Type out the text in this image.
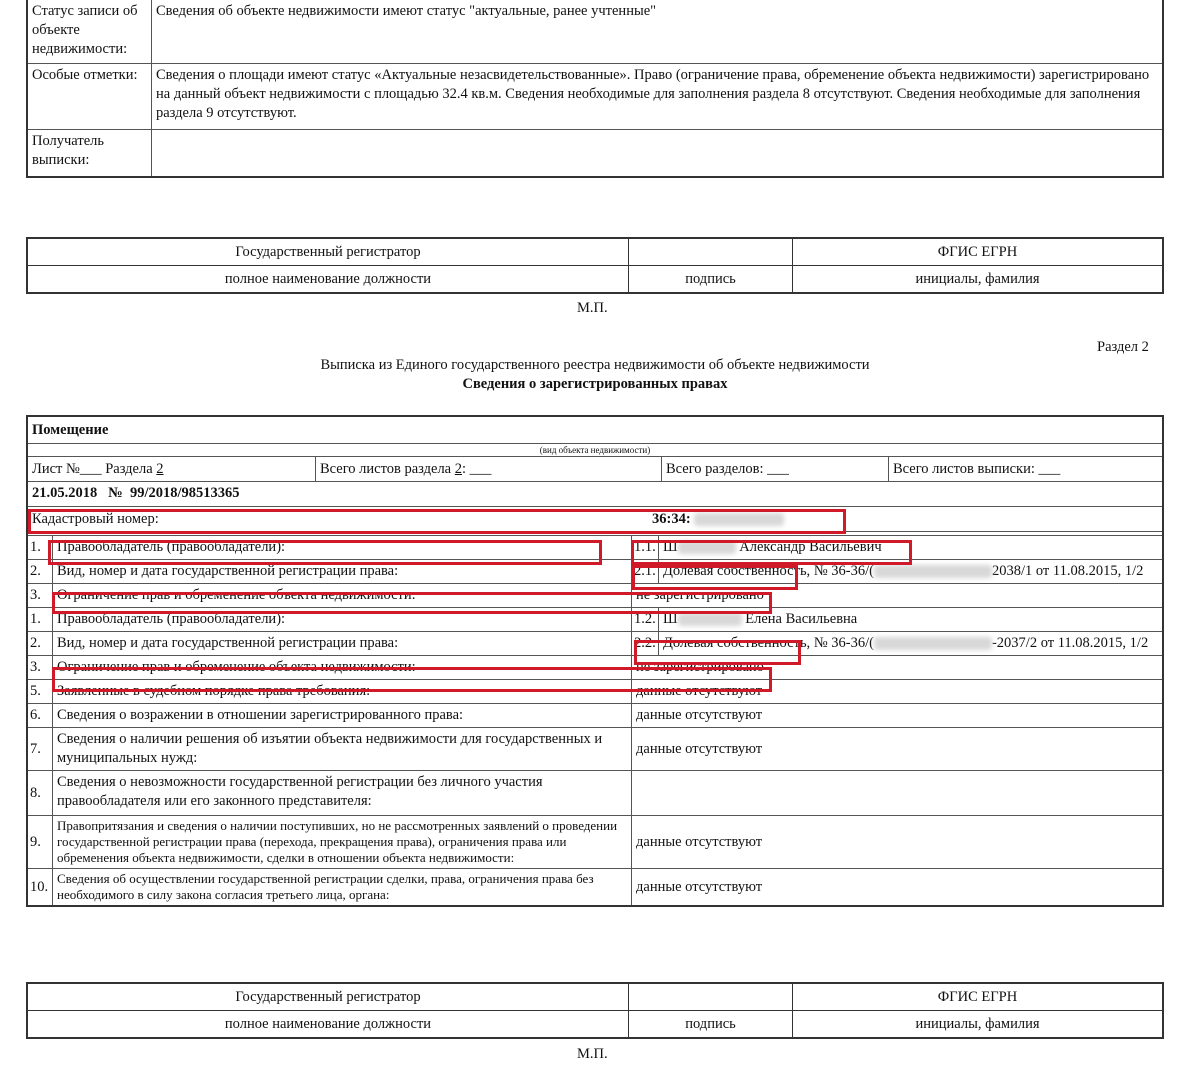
Статус записи об объекте недвижимости:	Сведения об объекте недвижимости имеют статус "актуальные, ранее учтенные"
Особые отметки:	Сведения о площади имеют статус «Актуальные незасвидетельствованные». Право (ограничение права, обременение объекта недвижимости) зарегистрировано на данный объект недвижимости с площадью 32.4 кв.м. Сведения необходимые для заполнения раздела 8 отсутствуют. Сведения необходимые для заполнения раздела 9 отсутствуют.
Получатель выписки:	
Государственный регистратор		ФГИС ЕГРН
полное наименование должности	подпись	инициалы, фамилия
М.П.
Раздел 2
Выписка из Единого государственного реестра недвижимости об объекте недвижимости
Сведения о зарегистрированных правах
Помещение			
(вид объекта недвижимости)			

Лист №___ Раздела 2 Всего листов раздела 2: ___ Всего разделов: ___ Всего листов выписки: ___			

21.05.2018 № 99/2018/98513365			

Кадастровый номер: 36:34:			

1.	Правообладатель (правообладатели):	1.1.	Ш Александр Васильевич
2.	Вид, номер и дата государственной регистрации права:	2.1.	Долевая собственность, № 36-36/( 2038/1 от 11.08.2015, 1/2
3.	Ограничение прав и обременение объекта недвижимости:	не зарегистрировано	
1.	Правообладатель (правообладатели):	1.2.	Ш Елена Васильевна
2.	Вид, номер и дата государственной регистрации права:	2.2.	Долевая собственность, № 36-36/( -2037/2 от 11.08.2015, 1/2
3.	Ограничение прав и обременение объекта недвижимости:	не зарегистрировано	
5.	Заявленные в судебном порядке права требования:	данные отсутствуют	
6.	Сведения о возражении в отношении зарегистрированного права:	данные отсутствуют	
7.	Сведения о наличии решения об изъятии объекта недвижимости для государственных и муниципальных нужд:	данные отсутствуют	
8.	Сведения о невозможности государственной регистрации без личного участия правообладателя или его законного представителя:		
9.	Правопритязания и сведения о наличии поступивших, но не рассмотренных заявлений о проведении государственной регистрации права (перехода, прекращения права), ограничения права или обременения объекта недвижимости, сделки в отношении объекта недвижимости:	данные отсутствуют	
10.	Сведения об осуществлении государственной регистрации сделки, права, ограничения права без необходимого в силу закона согласия третьего лица, органа:	данные отсутствуют	
Государственный регистратор		ФГИС ЕГРН
полное наименование должности	подпись	инициалы, фамилия
М.П.
